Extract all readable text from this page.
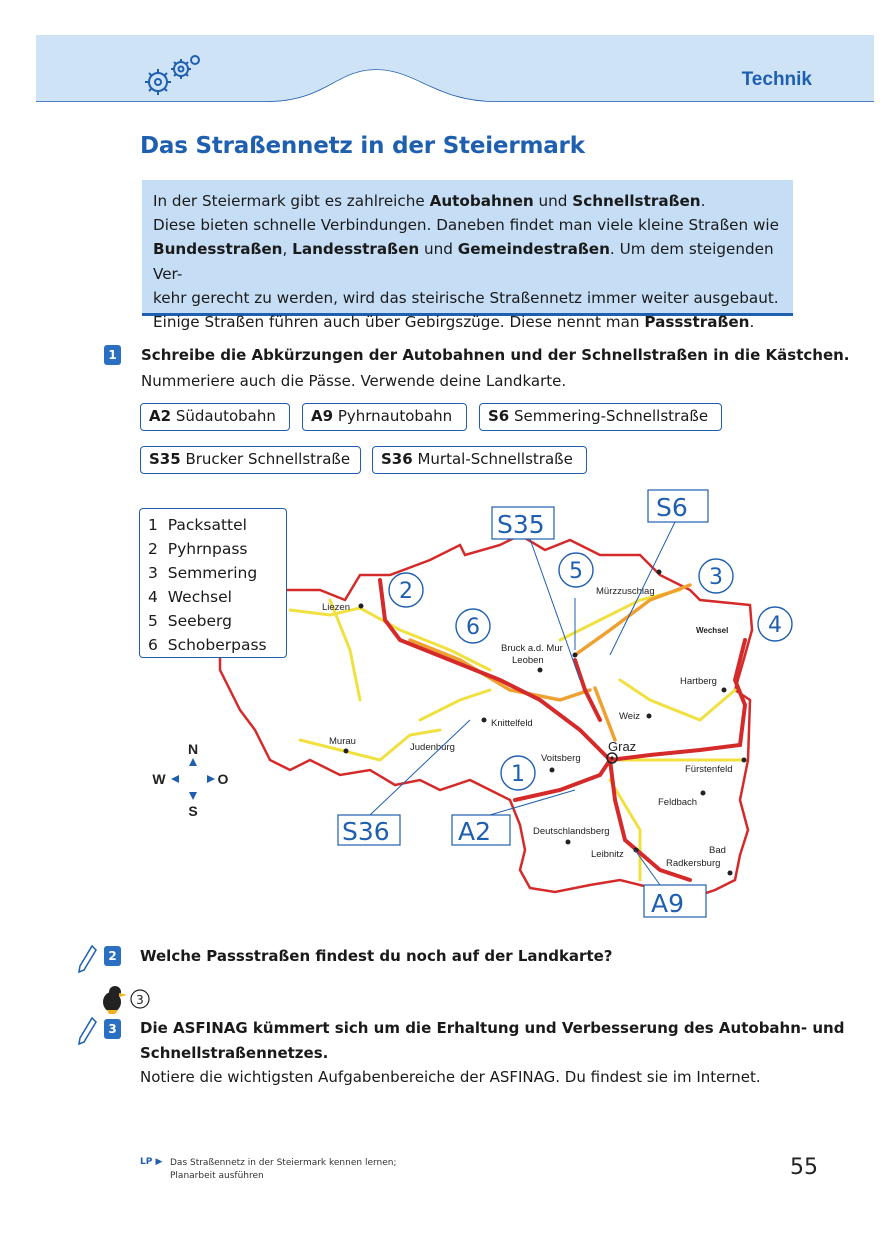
Technik
Das Straßennetz in der Steiermark
In der Steiermark gibt es zahlreiche Autobahnen und Schnellstraßen.
Diese bieten schnelle Verbindungen. Daneben findet man viele kleine Straßen wie
Bundesstraßen, Landesstraßen und Gemeindestraßen. Um dem steigenden Ver-
kehr gerecht zu werden, wird das steirische Straßennetz immer weiter ausgebaut.
Einige Straßen führen auch über Gebirgszüge. Diese nennt man Passstraßen.
1 Schreibe die Abkürzungen der Autobahnen und der Schnellstraßen in die Kästchen.
Nummeriere auch die Pässe. Verwende deine Landkarte.
A2 Südautobahn	A9 Pyhrnautobahn	S6 Semmering-Schnellstraße
S35 Brucker Schnellstraße	S36 Murtal-Schnellstraße
Liezen
Mürzzuschlag
Wechsel
Bruck a.d. Mur
Leoben
Hartberg
Weiz
Knittelfeld
Murau
Judenburg	Graz
Voitsberg
Fürstenfeld
Feldbach
Deutschlandsberg
Leibnitz	Bad
Radkersburg
S35
S6
S36	A2
A9
2
6
5	3
4
1
1 Packsattel
2 Pyhrnpass
3 Semmering
4 Wechsel
5 Seeberg
6 Schoberpass
N
W	O
S
2 Welche Passstraßen findest du noch auf der Landkarte?
3
3 Die ASFINAG kümmert sich um die Erhaltung und Verbesserung des Autobahn- und
Schnellstraßennetzes.
Notiere die wichtigsten Aufgabenbereiche der ASFINAG. Du findest sie im Internet.
LP ▶ Das Straßennetz in der Steiermark kennen lernen;
Planarbeit ausführen	55
